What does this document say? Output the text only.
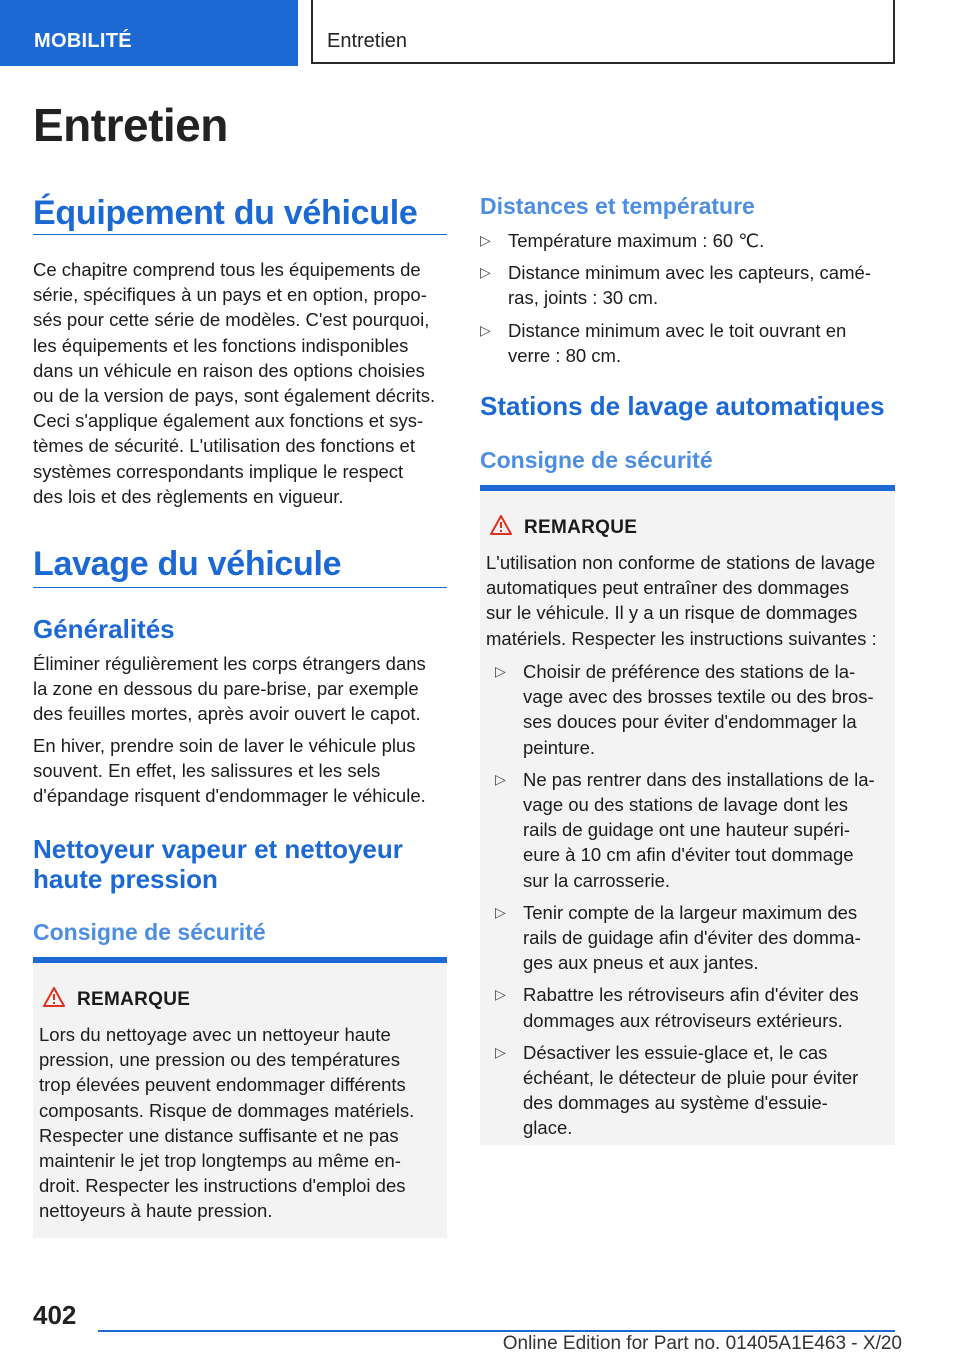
MOBILITÉ	Entretien
Entretien
Équipement du véhicule

Ce chapitre comprend tous les équipements de
série, spécifiques à un pays et en option, propo-
sés pour cette série de modèles. C'est pourquoi,
les équipements et les fonctions indisponibles
dans un véhicule en raison des options choisies
ou de la version de pays, sont également décrits.
Ceci s'applique également aux fonctions et sys-
tèmes de sécurité. L'utilisation des fonctions et
systèmes correspondants implique le respect
des lois et des règlements en vigueur.

Lavage du véhicule
Généralités

Éliminer régulièrement les corps étrangers dans
la zone en dessous du pare-brise, par exemple
des feuilles mortes, après avoir ouvert le capot.

En hiver, prendre soin de laver le véhicule plus
souvent. En effet, les salissures et les sels
d'épandage risquent d'endommager le véhicule.

Nettoyeur vapeur et nettoyeur
haute pression
Consigne de sécurité
REMARQUE

Lors du nettoyage avec un nettoyeur haute
pression, une pression ou des températures
trop élevées peuvent endommager différents
composants. Risque de dommages matériels.
Respecter une distance suffisante et ne pas
maintenir le jet trop longtemps au même en-
droit. Respecter les instructions d'emploi des
nettoyeurs à haute pression.

Distances et température
▷ Température maximum : 60 ℃.
▷ Distance minimum avec les capteurs, camé-
ras, joints : 30 cm.
▷ Distance minimum avec le toit ouvrant en
verre : 80 cm.
Stations de lavage automatiques
Consigne de sécurité
REMARQUE

L'utilisation non conforme de stations de lavage
automatiques peut entraîner des dommages
sur le véhicule. Il y a un risque de dommages
matériels. Respecter les instructions suivantes :

▷ Choisir de préférence des stations de la-
vage avec des brosses textile ou des bros-
ses douces pour éviter d'endommager la
peinture.
▷ Ne pas rentrer dans des installations de la-
vage ou des stations de lavage dont les
rails de guidage ont une hauteur supéri-
eure à 10 cm afin d'éviter tout dommage
sur la carrosserie.
▷ Tenir compte de la largeur maximum des
rails de guidage afin d'éviter des domma-
ges aux pneus et aux jantes.
▷ Rabattre les rétroviseurs afin d'éviter des
dommages aux rétroviseurs extérieurs.
▷ Désactiver les essuie-glace et, le cas
échéant, le détecteur de pluie pour éviter
des dommages au système d'essuie-
glace.

402

Online Edition for Part no. 01405A1E463 - X/20
